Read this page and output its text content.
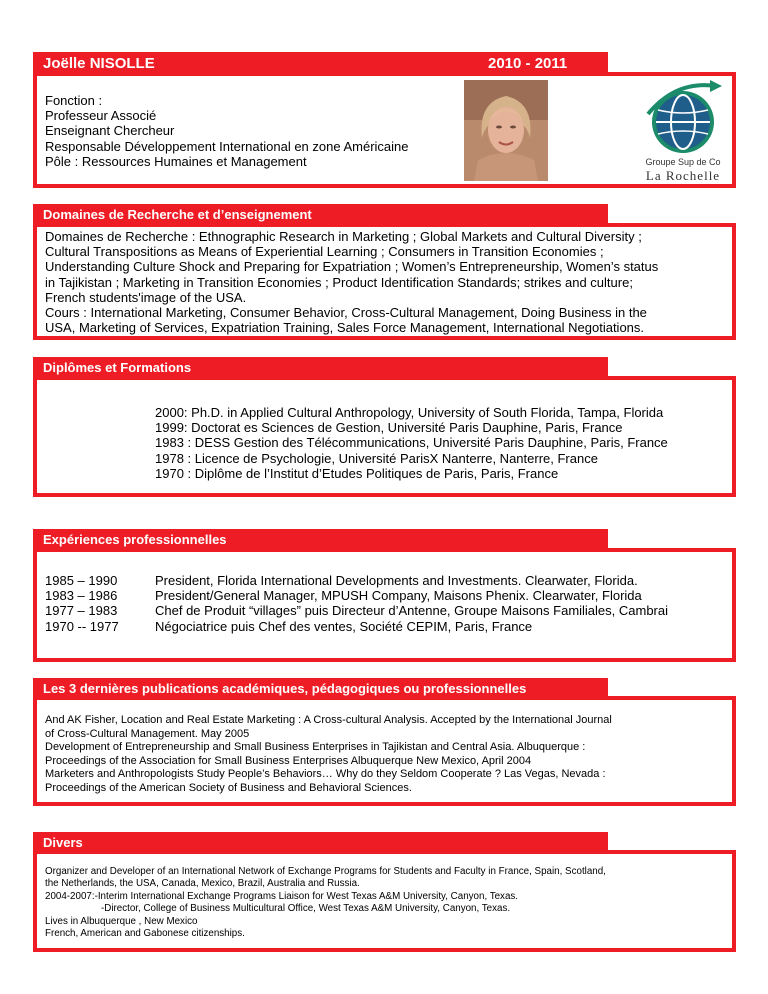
Joëlle NISOLLE	2010 - 2011
Fonction :
Professeur Associé
Enseignant Chercheur
Responsable Développement International en zone Américaine
Pôle : Ressources Humaines et Management	Groupe Sup de Co
La Rochelle
Domaines de Recherche et d’enseignement
Domaines de Recherche : Ethnographic Research in Marketing ; Global Markets and Cultural Diversity ;
Cultural Transpositions as Means of Experiential Learning ; Consumers in Transition Economies ;
Understanding Culture Shock and Preparing for Expatriation ; Women’s Entrepreneurship, Women’s status
in Tajikistan ; Marketing in Transition Economies ; Product Identification Standards; strikes and culture;
French students'image of the USA.
Cours : International Marketing, Consumer Behavior, Cross-Cultural Management, Doing Business in the
USA, Marketing of Services, Expatriation Training, Sales Force Management, International Negotiations.
Diplômes et Formations
2000: Ph.D. in Applied Cultural Anthropology, University of South Florida, Tampa, Florida
1999: Doctorat es Sciences de Gestion, Université Paris Dauphine, Paris, France
1983 : DESS Gestion des Télécommunications, Université Paris Dauphine, Paris, France
1978 : Licence de Psychologie, Université ParisX Nanterre, Nanterre, France
1970 : Diplôme de l’Institut d’Etudes Politiques de Paris, Paris, France
Expériences professionnelles
1985 – 1990	President, Florida International Developments and Investments. Clearwater, Florida.
1983 – 1986	President/General Manager, MPUSH Company, Maisons Phenix. Clearwater, Florida
1977 – 1983	Chef de Produit “villages” puis Directeur d’Antenne, Groupe Maisons Familiales, Cambrai
1970 -- 1977	Négociatrice puis Chef des ventes, Société CEPIM, Paris, France
Les 3 dernières publications académiques, pédagogiques ou professionnelles
And AK Fisher, Location and Real Estate Marketing : A Cross-cultural Analysis. Accepted by the International Journal
of Cross-Cultural Management. May 2005
Development of Entrepreneurship and Small Business Enterprises in Tajikistan and Central Asia. Albuquerque :
Proceedings of the Association for Small Business Enterprises Albuquerque New Mexico, April 2004
Marketers and Anthropologists Study People’s Behaviors… Why do they Seldom Cooperate ? Las Vegas, Nevada :
Proceedings of the American Society of Business and Behavioral Sciences.
Divers
Organizer and Developer of an International Network of Exchange Programs for Students and Faculty in France, Spain, Scotland,
the Netherlands, the USA, Canada, Mexico, Brazil, Australia and Russia.
2004-2007:-Interim International Exchange Programs Liaison for West Texas A&M University, Canyon, Texas.
-Director, College of Business Multicultural Office, West Texas A&M University, Canyon, Texas.
Lives in Albuquerque , New Mexico
French, American and Gabonese citizenships.
